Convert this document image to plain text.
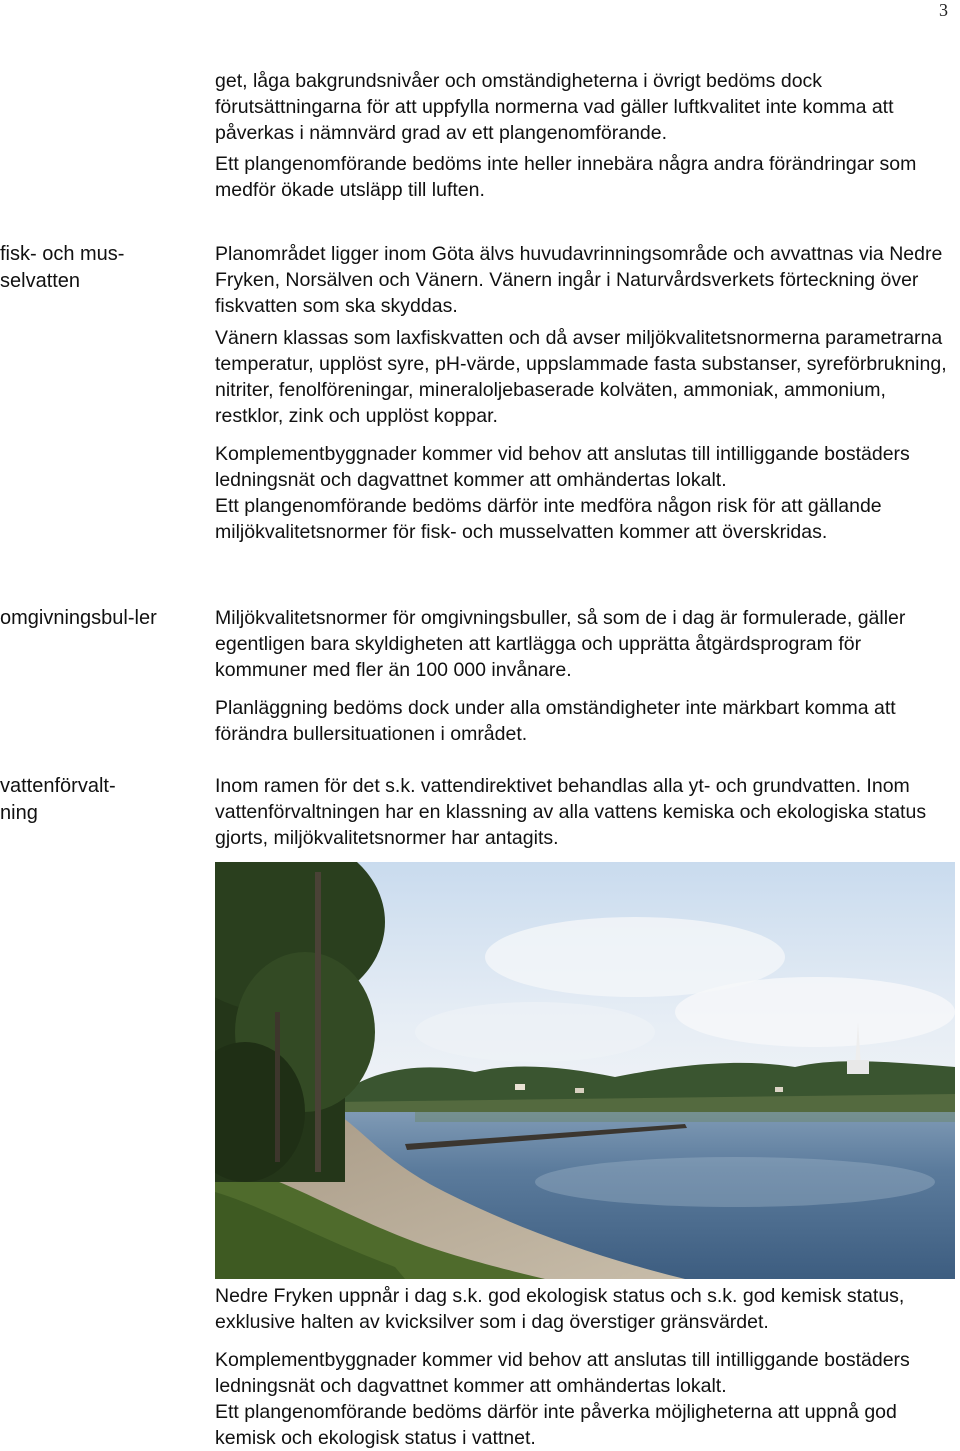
3

get, låga bakgrundsnivåer och omständigheterna i övrigt bedöms dock förutsättningarna för att uppfylla normerna vad gäller luftkvalitet inte komma att påverkas i nämnvärd grad av ett plangenomförande.

Ett plangenomförande bedöms inte heller innebära några andra förändringar som medför ökade utsläpp till luften.

fisk- och mus-selvatten

Planområdet ligger inom Göta älvs huvudavrinningsområde och avvattnas via Nedre Fryken, Norsälven och Vänern. Vänern ingår i Naturvårdsverkets förteckning över fiskvatten som ska skyddas.

Vänern klassas som laxfiskvatten och då avser miljökvalitetsnormerna parametrarna temperatur, upplöst syre, pH-värde, uppslammade fasta substanser, syreförbrukning, nitriter, fenolföreningar, mineraloljebaserade kolväten, ammoniak, ammonium, restklor, zink och upplöst koppar.

Komplementbyggnader kommer vid behov att anslutas till intilliggande bostäders ledningsnät och dagvattnet kommer att omhändertas lokalt.

Ett plangenomförande bedöms därför inte medföra någon risk för att gällande miljökvalitetsnormer för fisk- och musselvatten kommer att överskridas.

omgivningsbul-ler	Miljökvalitetsnormer för omgivningsbuller, så som de i dag är formulerade, gäller egentligen bara skyldigheten att kartlägga och upprätta åtgärdsprogram för kommuner med fler än 100 000 invånare.

Planläggning bedöms dock under alla omständigheter inte märkbart komma att förändra bullersituationen i området.

vattenförvalt-ning

Inom ramen för det s.k. vattendirektivet behandlas alla yt- och grundvatten. Inom vattenförvaltningen har en klassning av alla vattens kemiska och ekologiska status gjorts, miljökvalitetsnormer har antagits.

Nedre Fryken uppnår i dag s.k. god ekologisk status och s.k. god kemisk status, exklusive halten av kvicksilver som i dag överstiger gränsvärdet.

Komplementbyggnader kommer vid behov att anslutas till intilliggande bostäders ledningsnät och dagvattnet kommer att omhändertas lokalt.

Ett plangenomförande bedöms därför inte påverka möjligheterna att uppnå god kemisk och ekologisk status i vattnet.
